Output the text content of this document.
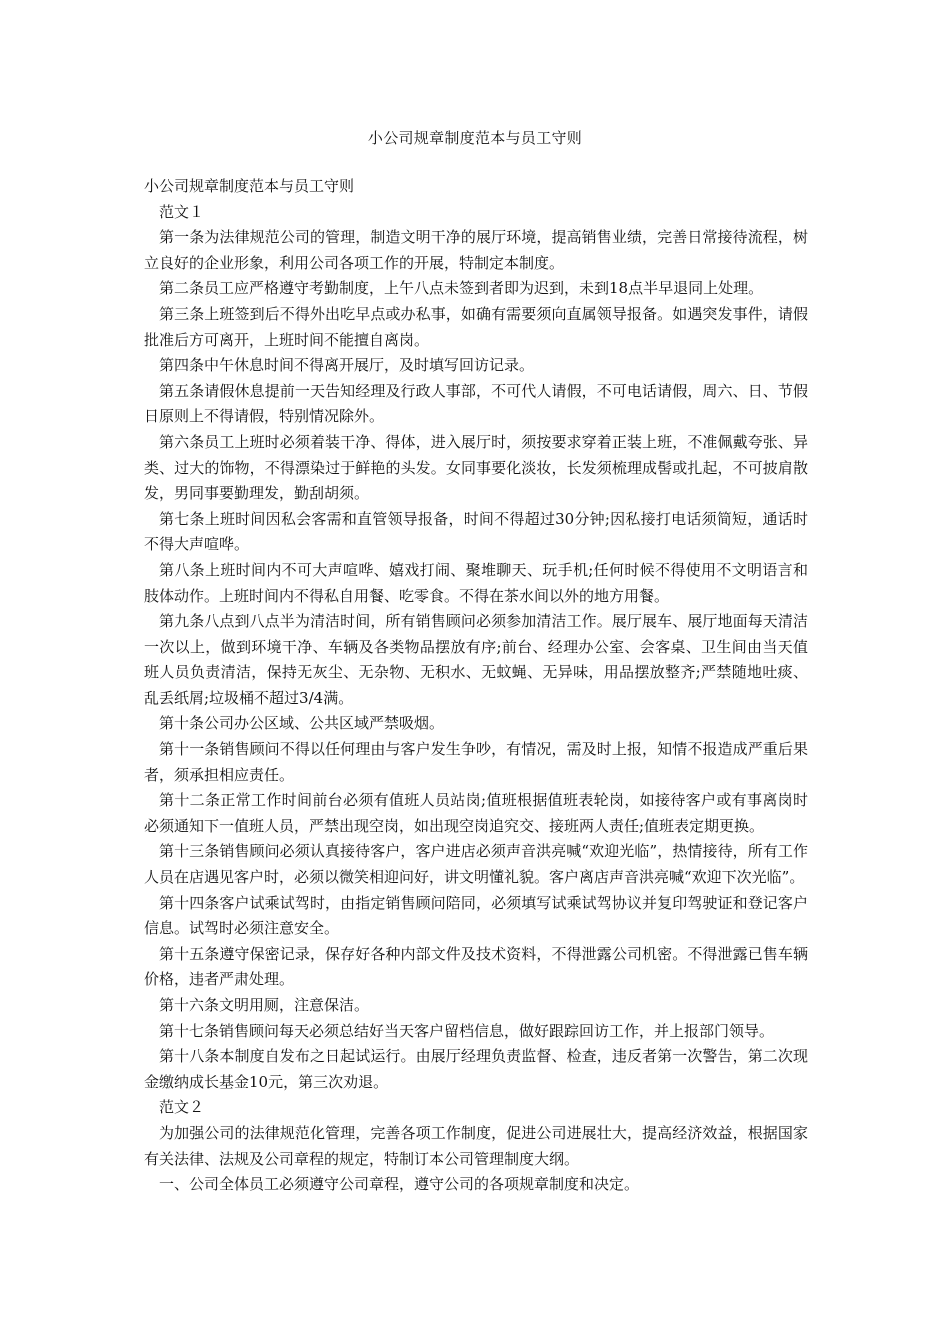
小公司规章制度范本与员工守则

小公司规章制度范本与员工守则

范文１

第一条为法律规范公司的管理，制造文明干净的展厅环境，提高销售业绩，完善日常接待流程，树立良好的企业形象，利用公司各项工作的开展，特制定本制度。

第二条员工应严格遵守考勤制度，上午八点未签到者即为迟到，未到18点半早退同上处理。

第三条上班签到后不得外出吃早点或办私事，如确有需要须向直属领导报备。如遇突发事件，请假批准后方可离开，上班时间不能擅自离岗。

第四条中午休息时间不得离开展厅，及时填写回访记录。

第五条请假休息提前一天告知经理及行政人事部，不可代人请假，不可电话请假，周六、日、节假日原则上不得请假，特别情况除外。

第六条员工上班时必须着装干净、得体，进入展厅时，须按要求穿着正装上班，不准佩戴夸张、异类、过大的饰物，不得漂染过于鲜艳的头发。女同事要化淡妆，长发须梳理成髻或扎起，不可披肩散发，男同事要勤理发，勤刮胡须。

第七条上班时间因私会客需和直管领导报备，时间不得超过30分钟;因私接打电话须简短，通话时不得大声喧哗。

第八条上班时间内不可大声喧哗、嬉戏打闹、聚堆聊天、玩手机;任何时候不得使用不文明语言和肢体动作。上班时间内不得私自用餐、吃零食。不得在茶水间以外的地方用餐。

第九条八点到八点半为清洁时间，所有销售顾问必须参加清洁工作。展厅展车、展厅地面每天清洁一次以上，做到环境干净、车辆及各类物品摆放有序;前台、经理办公室、会客桌、卫生间由当天值班人员负责清洁，保持无灰尘、无杂物、无积水、无蚊蝇、无异味，用品摆放整齐;严禁随地吐痰、乱丢纸屑;垃圾桶不超过3/4满。

第十条公司办公区域、公共区域严禁吸烟。

第十一条销售顾问不得以任何理由与客户发生争吵，有情况，需及时上报，知情不报造成严重后果者，须承担相应责任。

第十二条正常工作时间前台必须有值班人员站岗;值班根据值班表轮岗，如接待客户或有事离岗时必须通知下一值班人员，严禁出现空岗，如出现空岗追究交、接班两人责任;值班表定期更换。

第十三条销售顾问必须认真接待客户，客户进店必须声音洪亮喊“欢迎光临”，热情接待，所有工作人员在店遇见客户时，必须以微笑相迎问好，讲文明懂礼貌。客户离店声音洪亮喊“欢迎下次光临”。

第十四条客户试乘试驾时，由指定销售顾问陪同，必须填写试乘试驾协议并复印驾驶证和登记客户信息。试驾时必须注意安全。

第十五条遵守保密记录，保存好各种内部文件及技术资料，不得泄露公司机密。不得泄露已售车辆价格，违者严肃处理。

第十六条文明用厕，注意保洁。

第十七条销售顾问每天必须总结好当天客户留档信息，做好跟踪回访工作，并上报部门领导。

第十八条本制度自发布之日起试运行。由展厅经理负责监督、检查，违反者第一次警告，第二次现金缴纳成长基金10元，第三次劝退。

范文２

为加强公司的法律规范化管理，完善各项工作制度，促进公司进展壮大，提高经济效益，根据国家有关法律、法规及公司章程的规定，特制订本公司管理制度大纲。

一、公司全体员工必须遵守公司章程，遵守公司的各项规章制度和决定。
